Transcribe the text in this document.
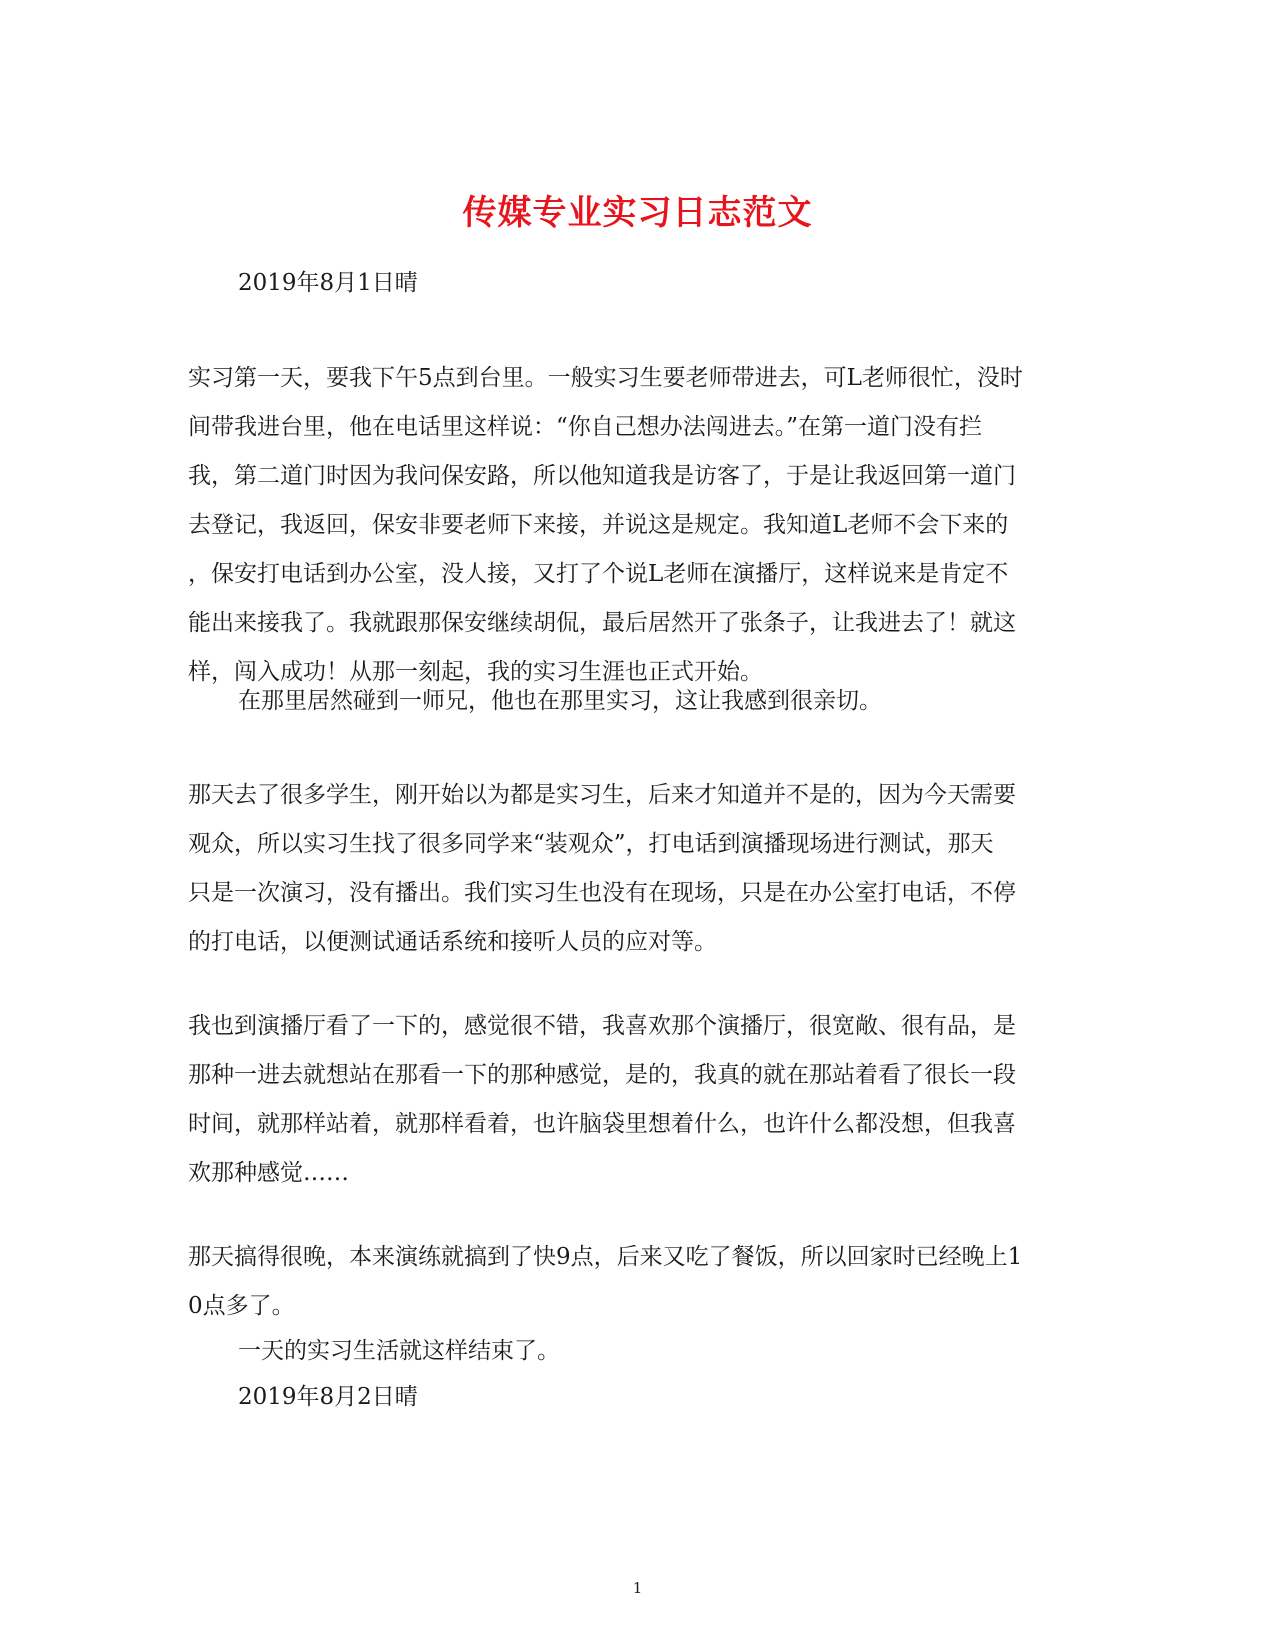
传媒专业实习日志范文
2019年8月1日晴
实习第一天，要我下午5点到台里。一般实习生要老师带进去，可L老师很忙，没时
间带我进台里，他在电话里这样说：“你自己想办法闯进去。”在第一道门没有拦
我，第二道门时因为我问保安路，所以他知道我是访客了，于是让我返回第一道门
去登记，我返回，保安非要老师下来接，并说这是规定。我知道L老师不会下来的
，保安打电话到办公室，没人接，又打了个说L老师在演播厅，这样说来是肯定不
能出来接我了。我就跟那保安继续胡侃，最后居然开了张条子，让我进去了！就这
样，闯入成功！从那一刻起，我的实习生涯也正式开始。
在那里居然碰到一师兄，他也在那里实习，这让我感到很亲切。
那天去了很多学生，刚开始以为都是实习生，后来才知道并不是的，因为今天需要
观众，所以实习生找了很多同学来“装观众”，打电话到演播现场进行测试，那天
只是一次演习，没有播出。我们实习生也没有在现场，只是在办公室打电话，不停
的打电话，以便测试通话系统和接听人员的应对等。
我也到演播厅看了一下的，感觉很不错，我喜欢那个演播厅，很宽敞、很有品，是
那种一进去就想站在那看一下的那种感觉，是的，我真的就在那站着看了很长一段
时间，就那样站着，就那样看着，也许脑袋里想着什么，也许什么都没想，但我喜
欢那种感觉……
那天搞得很晚，本来演练就搞到了快9点，后来又吃了餐饭，所以回家时已经晚上1
0点多了。
一天的实习生活就这样结束了。
2019年8月2日晴
1
